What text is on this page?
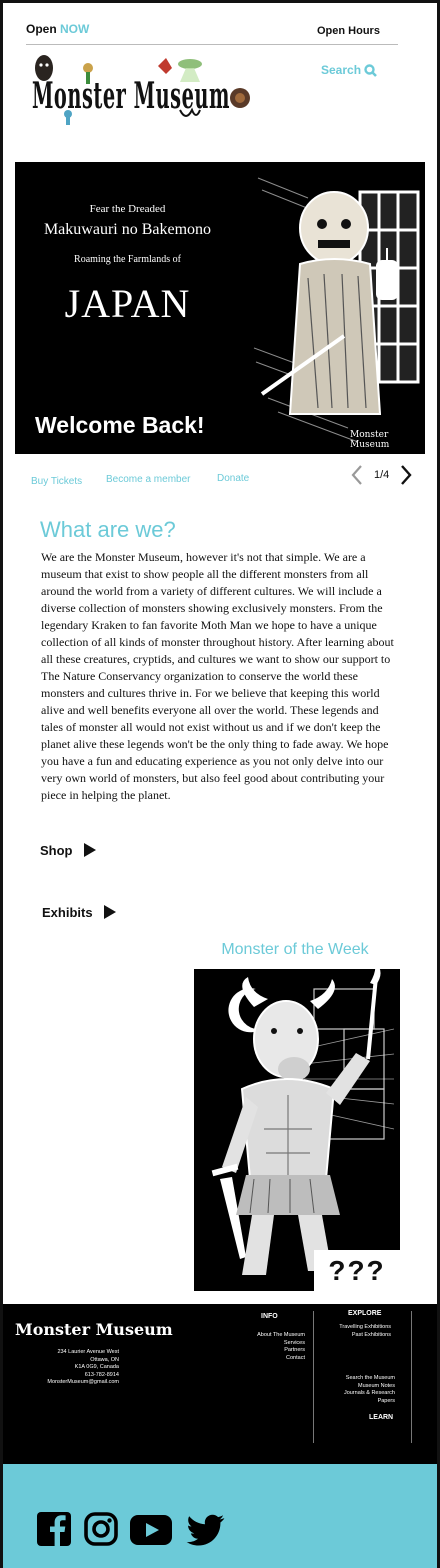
Open NOW	Open Hours
Monster Museum
Search
Fear the Dreaded
Makuwauri no Bakemono
Roaming the Farmlands of
JAPAN
Welcome Back!	Monster Museum
Buy Tickets Become a member	Donate	1/4
What are we?
We are the Monster Museum, however it's not that simple. We are a museum that exist to show people all the different monsters from all around the world from a variety of different cultures. We will include a diverse collection of monsters showing exclusively monsters. From the legendary Kraken to fan favorite Moth Man we hope to have a unique collection of all kinds of monster throughout history. After learning about all these creatures, cryptids, and cultures we want to show our support to The Nature Conservancy organization to conserve the world these monsters and cultures thrive in. For we believe that keeping this world alive and well benefits everyone all over the world. These legends and tales of monster all would not exist without us and if we don't keep the planet alive these legends won't be the only thing to fade away. We hope you have a fun and educating experience as you not only delve into our very own world of monsters, but also feel good about contributing your piece in helping the planet.
Shop
Exhibits
Monster of the Week
???
Monster Museum
234 Laurier Avenue West
Ottawa, ON
K1A 0G9, Canada
613-782-8914
MonsterMuseum@gmail.com
INFO
About The Museum
Services
Partners
Contact
EXPLORE
Travelling Exhibitions
Past Exhibitions
Search the Museum
Museum Notes
Journals & Research
Papers
LEARN
